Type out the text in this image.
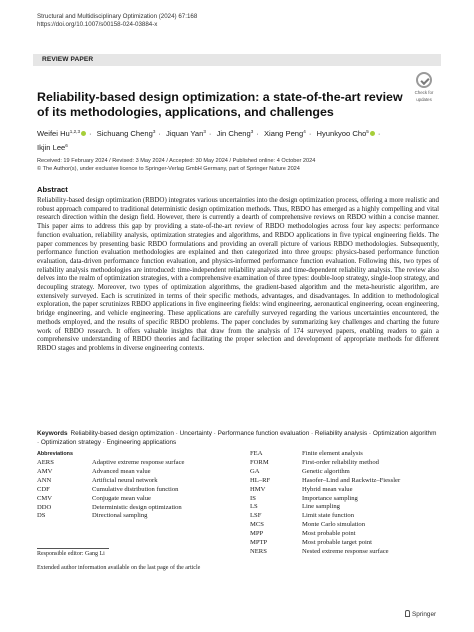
Structural and Multidisciplinary Optimization (2024) 67:168
https://doi.org/10.1007/s00158-024-03884-x
REVIEW PAPER
Check for
updates
Reliability-based design optimization: a state-of-the-art review of its methodologies, applications, and challenges
Weifei Hu$^{1,2,3}$ · Sichuang Cheng$^3$ · Jiquan Yan$^3$ · Jin Cheng$^3$ · Xiang Peng$^4$ · Hyunkyoo Cho$^5$ ·
Ikjin Lee$^6$
Received: 19 February 2024 / Revised: 3 May 2024 / Accepted: 30 May 2024 / Published online: 4 October 2024
© The Author(s), under exclusive licence to Springer-Verlag GmbH Germany, part of Springer Nature 2024
Abstract

Reliability-based design optimization (RBDO) integrates various uncertainties into the design optimization process, offering a more realistic and robust approach compared to traditional deterministic design optimization methods. Thus, RBDO has emerged as a highly compelling and vital research direction within the design field. However, there is currently a dearth of comprehensive reviews on RBDO within a concise manner. This paper aims to address this gap by providing a state-of-the-art review of RBDO methodologies across four key aspects: performance function evaluation, reliability analysis, optimization strategies and algorithms, and RBDO applications in five typical engineering fields. The paper commences by presenting basic RBDO formulations and providing an overall picture of various RBDO methodologies. Subsequently, performance function evaluation methodologies are explained and then categorized into three groups: physics-based performance function evaluation, data-driven performance function evaluation, and physics-informed performance function evaluation. Following this, two types of reliability analysis methodologies are introduced: time-independent reliability analysis and time-dependent reliability analysis. The review also delves into the realm of optimization strategies, with a comprehensive examination of three types: double-loop strategy, single-loop strategy, and decoupling strategy. Moreover, two types of optimization algorithms, the gradient-based algorithm and the meta-heuristic algorithm, are extensively surveyed. Each is scrutinized in terms of their specific methods, advantages, and disadvantages. In addition to methodological exploration, the paper scrutinizes RBDO applications in five engineering fields: wind engineering, aeronautical engineering, ocean engineering, bridge engineering, and vehicle engineering. These applications are carefully surveyed regarding the various uncertainties encountered, the methods employed, and the results of specific RBDO problems. The paper concludes by summarizing key challenges and charting the future work of RBDO research. It offers valuable insights that draw from the analysis of 174 surveyed papers, enabling readers to gain a comprehensive understanding of RBDO theories and facilitating the proper selection and development of appropriate methods for different RBDO stages and problems in diverse engineering contexts.

Keywords Reliability-based design optimization · Uncertainty · Performance function evaluation · Reliability analysis · Optimization algorithm · Optimization strategy · Engineering applications
Abbreviations
AERS	Adaptive extreme response surface
AMV	Advanced mean value
ANN	Artificial neural network
CDF	Cumulative distribution function
CMV	Conjugate mean value
DDO	Deterministic design optimization
DS	Directional sampling
FEA	Finite element analysis
FORM	First-order reliability method
GA	Genetic algorithm
HL–RF	Hasofer–Lind and Rackwitz–Fiessler
HMV	Hybrid mean value
IS	Importance sampling
LS	Line sampling
LSF	Limit state function
MCS	Monte Carlo simulation
MPP	Most probable point
MPTP	Most probable target point
NERS	Nested extreme response surface
Responsible editor: Gang Li
Extended author information available on the last page of the article
Springer
